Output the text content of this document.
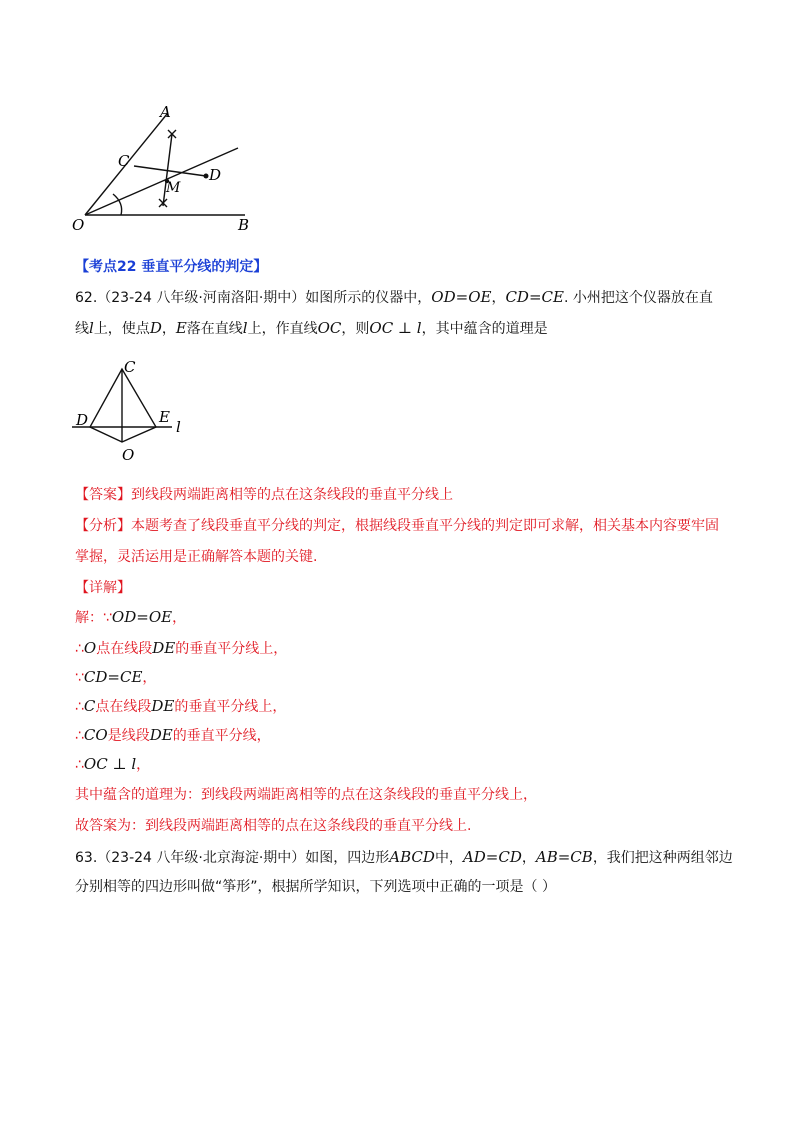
A
C
D
M
O	B
【考点22 垂直平分线的判定】
62.（23-24 八年级·河南洛阳·期中）如图所示的仪器中，OD=OE，CD=CE. 小州把这个仪器放在直
线l上，使点D，E落在直线l上，作直线OC，则OC ⊥ l，其中蕴含的道理是
C
D	E
l
O
【答案】到线段两端距离相等的点在这条线段的垂直平分线上
【分析】本题考查了线段垂直平分线的判定，根据线段垂直平分线的判定即可求解，相关基本内容要牢固
掌握，灵活运用是正确解答本题的关键.
【详解】
解：∵OD=OE，
∴O点在线段DE的垂直平分线上，
∵CD=CE，
∴C点在线段DE的垂直平分线上，
∴CO是线段DE的垂直平分线，
∴OC ⊥ l，
其中蕴含的道理为：到线段两端距离相等的点在这条线段的垂直平分线上，
故答案为：到线段两端距离相等的点在这条线段的垂直平分线上.
63.（23-24 八年级·北京海淀·期中）如图，四边形ABCD中，AD=CD，AB=CB，我们把这种两组邻边
分别相等的四边形叫做“筝形”，根据所学知识，下列选项中正确的一项是（ ）
